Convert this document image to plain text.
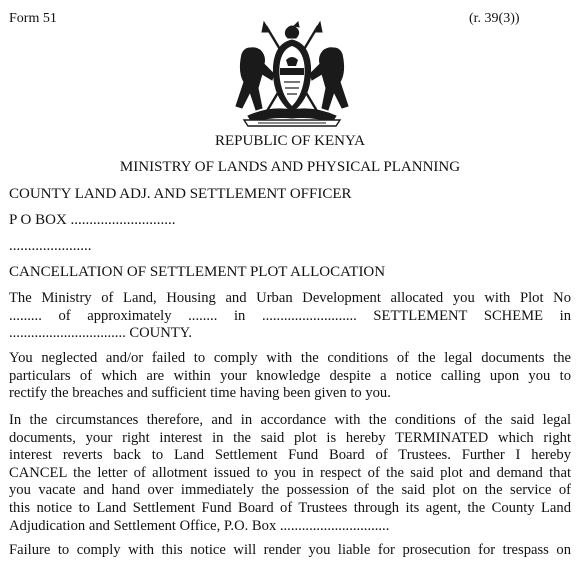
Form 51	(r. 39(3))
REPUBLIC OF KENYA
MINISTRY OF LANDS AND PHYSICAL PLANNING
COUNTY LAND ADJ. AND SETTLEMENT OFFICER
P O BOX ............................
......................
CANCELLATION OF SETTLEMENT PLOT ALLOCATION
The Ministry of Land, Housing and Urban Development allocated you with Plot No
......... of approximately ........ in .......................... SETTLEMENT SCHEME in
................................ COUNTY.
You neglected and/or failed to comply with the conditions of the legal documents the
particulars of which are within your knowledge despite a notice calling upon you to
rectify the breaches and sufficient time having been given to you.
In the circumstances therefore, and in accordance with the conditions of the said legal
documents, your right interest in the said plot is hereby TERMINATED which right
interest reverts back to Land Settlement Fund Board of Trustees. Further I hereby
CANCEL the letter of allotment issued to you in respect of the said plot and demand that
you vacate and hand over immediately the possession of the said plot on the service of
this notice to Land Settlement Fund Board of Trustees through its agent, the County Land
Adjudication and Settlement Office, P.O. Box ..............................
Failure to comply with this notice will render you liable for prosecution for trespass on
